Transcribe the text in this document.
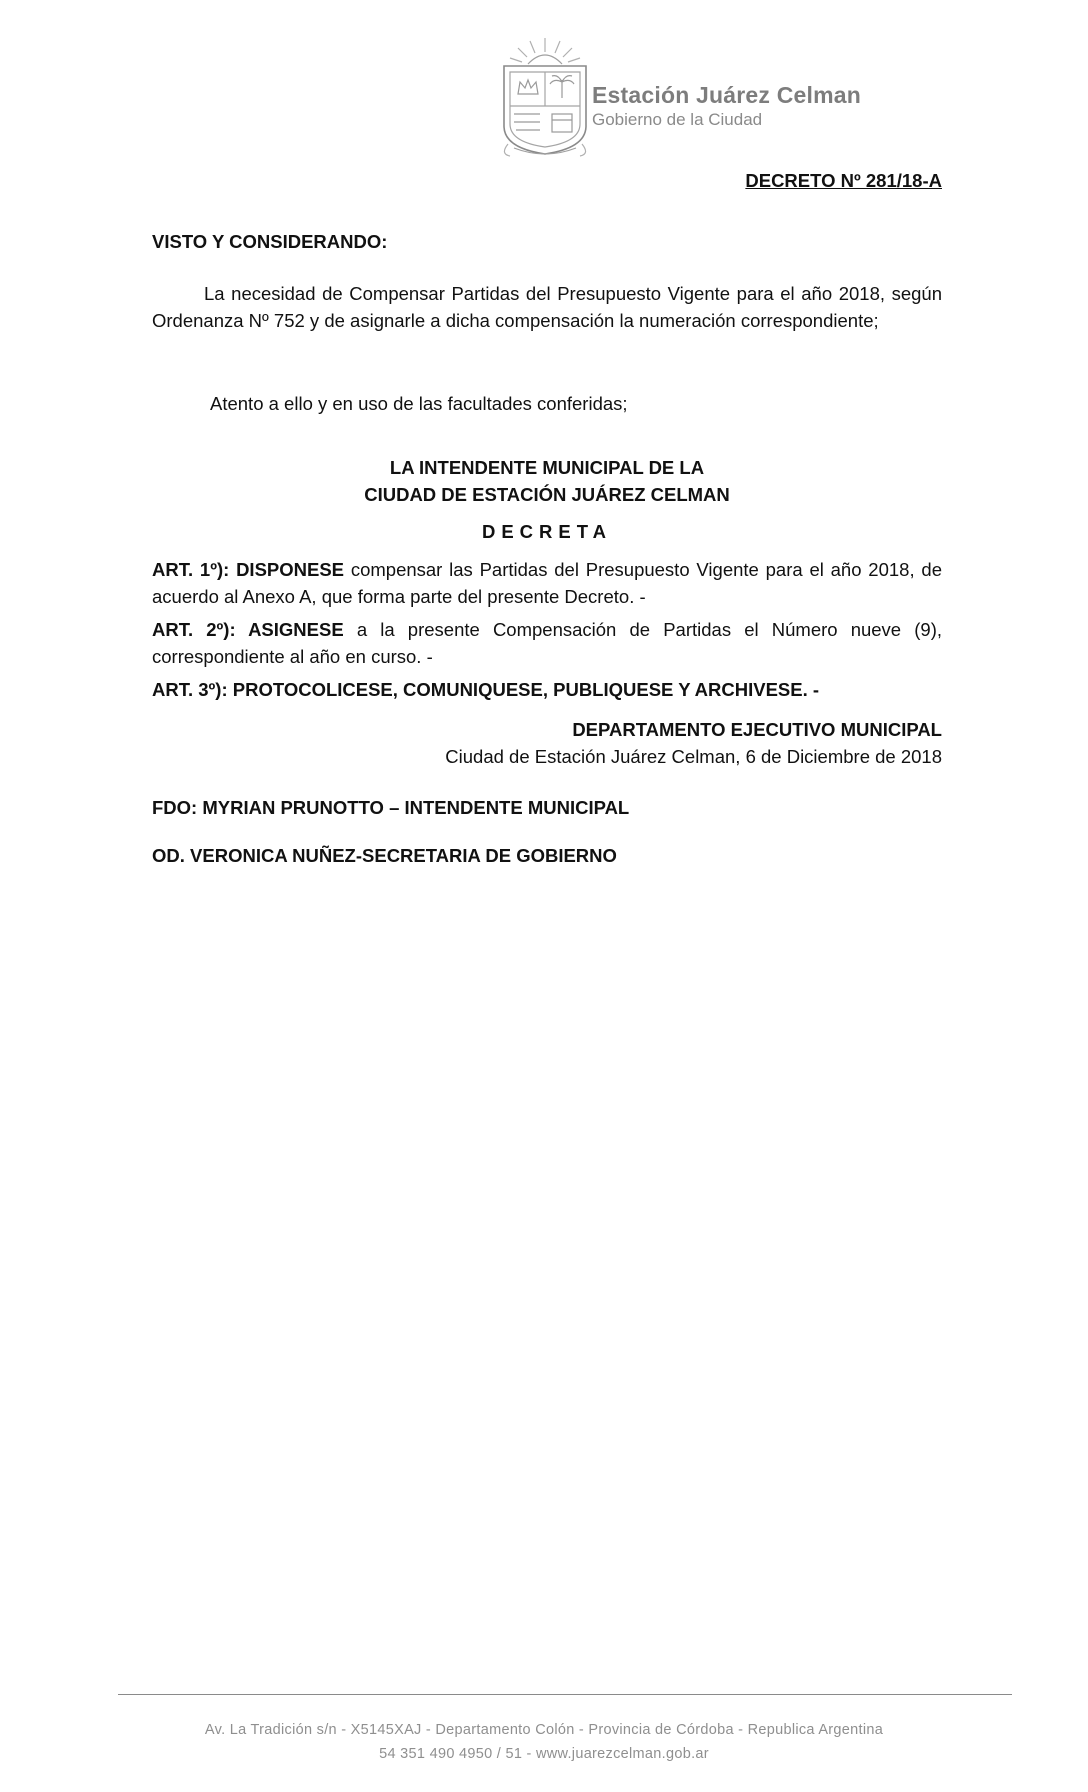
Estación Juárez Celman
Gobierno de la Ciudad
DECRETO Nº 281/18-A
VISTO Y CONSIDERANDO:
La necesidad de Compensar Partidas del Presupuesto Vigente para el año 2018, según Ordenanza Nº 752 y de asignarle a dicha compensación la numeración correspondiente;
Atento a ello y en uso de las facultades conferidas;
LA INTENDENTE MUNICIPAL DE LA
CIUDAD DE ESTACIÓN JUÁREZ CELMAN
DECRETA
ART. 1º): DISPONESE compensar las Partidas del Presupuesto Vigente para el año 2018, de acuerdo al Anexo A, que forma parte del presente Decreto. -
ART. 2º): ASIGNESE a la presente Compensación de Partidas el Número nueve (9), correspondiente al año en curso. -
ART. 3º): PROTOCOLICESE, COMUNIQUESE, PUBLIQUESE Y ARCHIVESE. -
DEPARTAMENTO EJECUTIVO MUNICIPAL
Ciudad de Estación Juárez Celman, 6 de Diciembre de 2018
FDO: MYRIAN PRUNOTTO – INTENDENTE MUNICIPAL
OD. VERONICA NUÑEZ-SECRETARIA DE GOBIERNO
Av. La Tradición s/n - X5145XAJ - Departamento Colón - Provincia de Córdoba - Republica Argentina
54 351 490 4950 / 51 - www.juarezcelman.gob.ar
